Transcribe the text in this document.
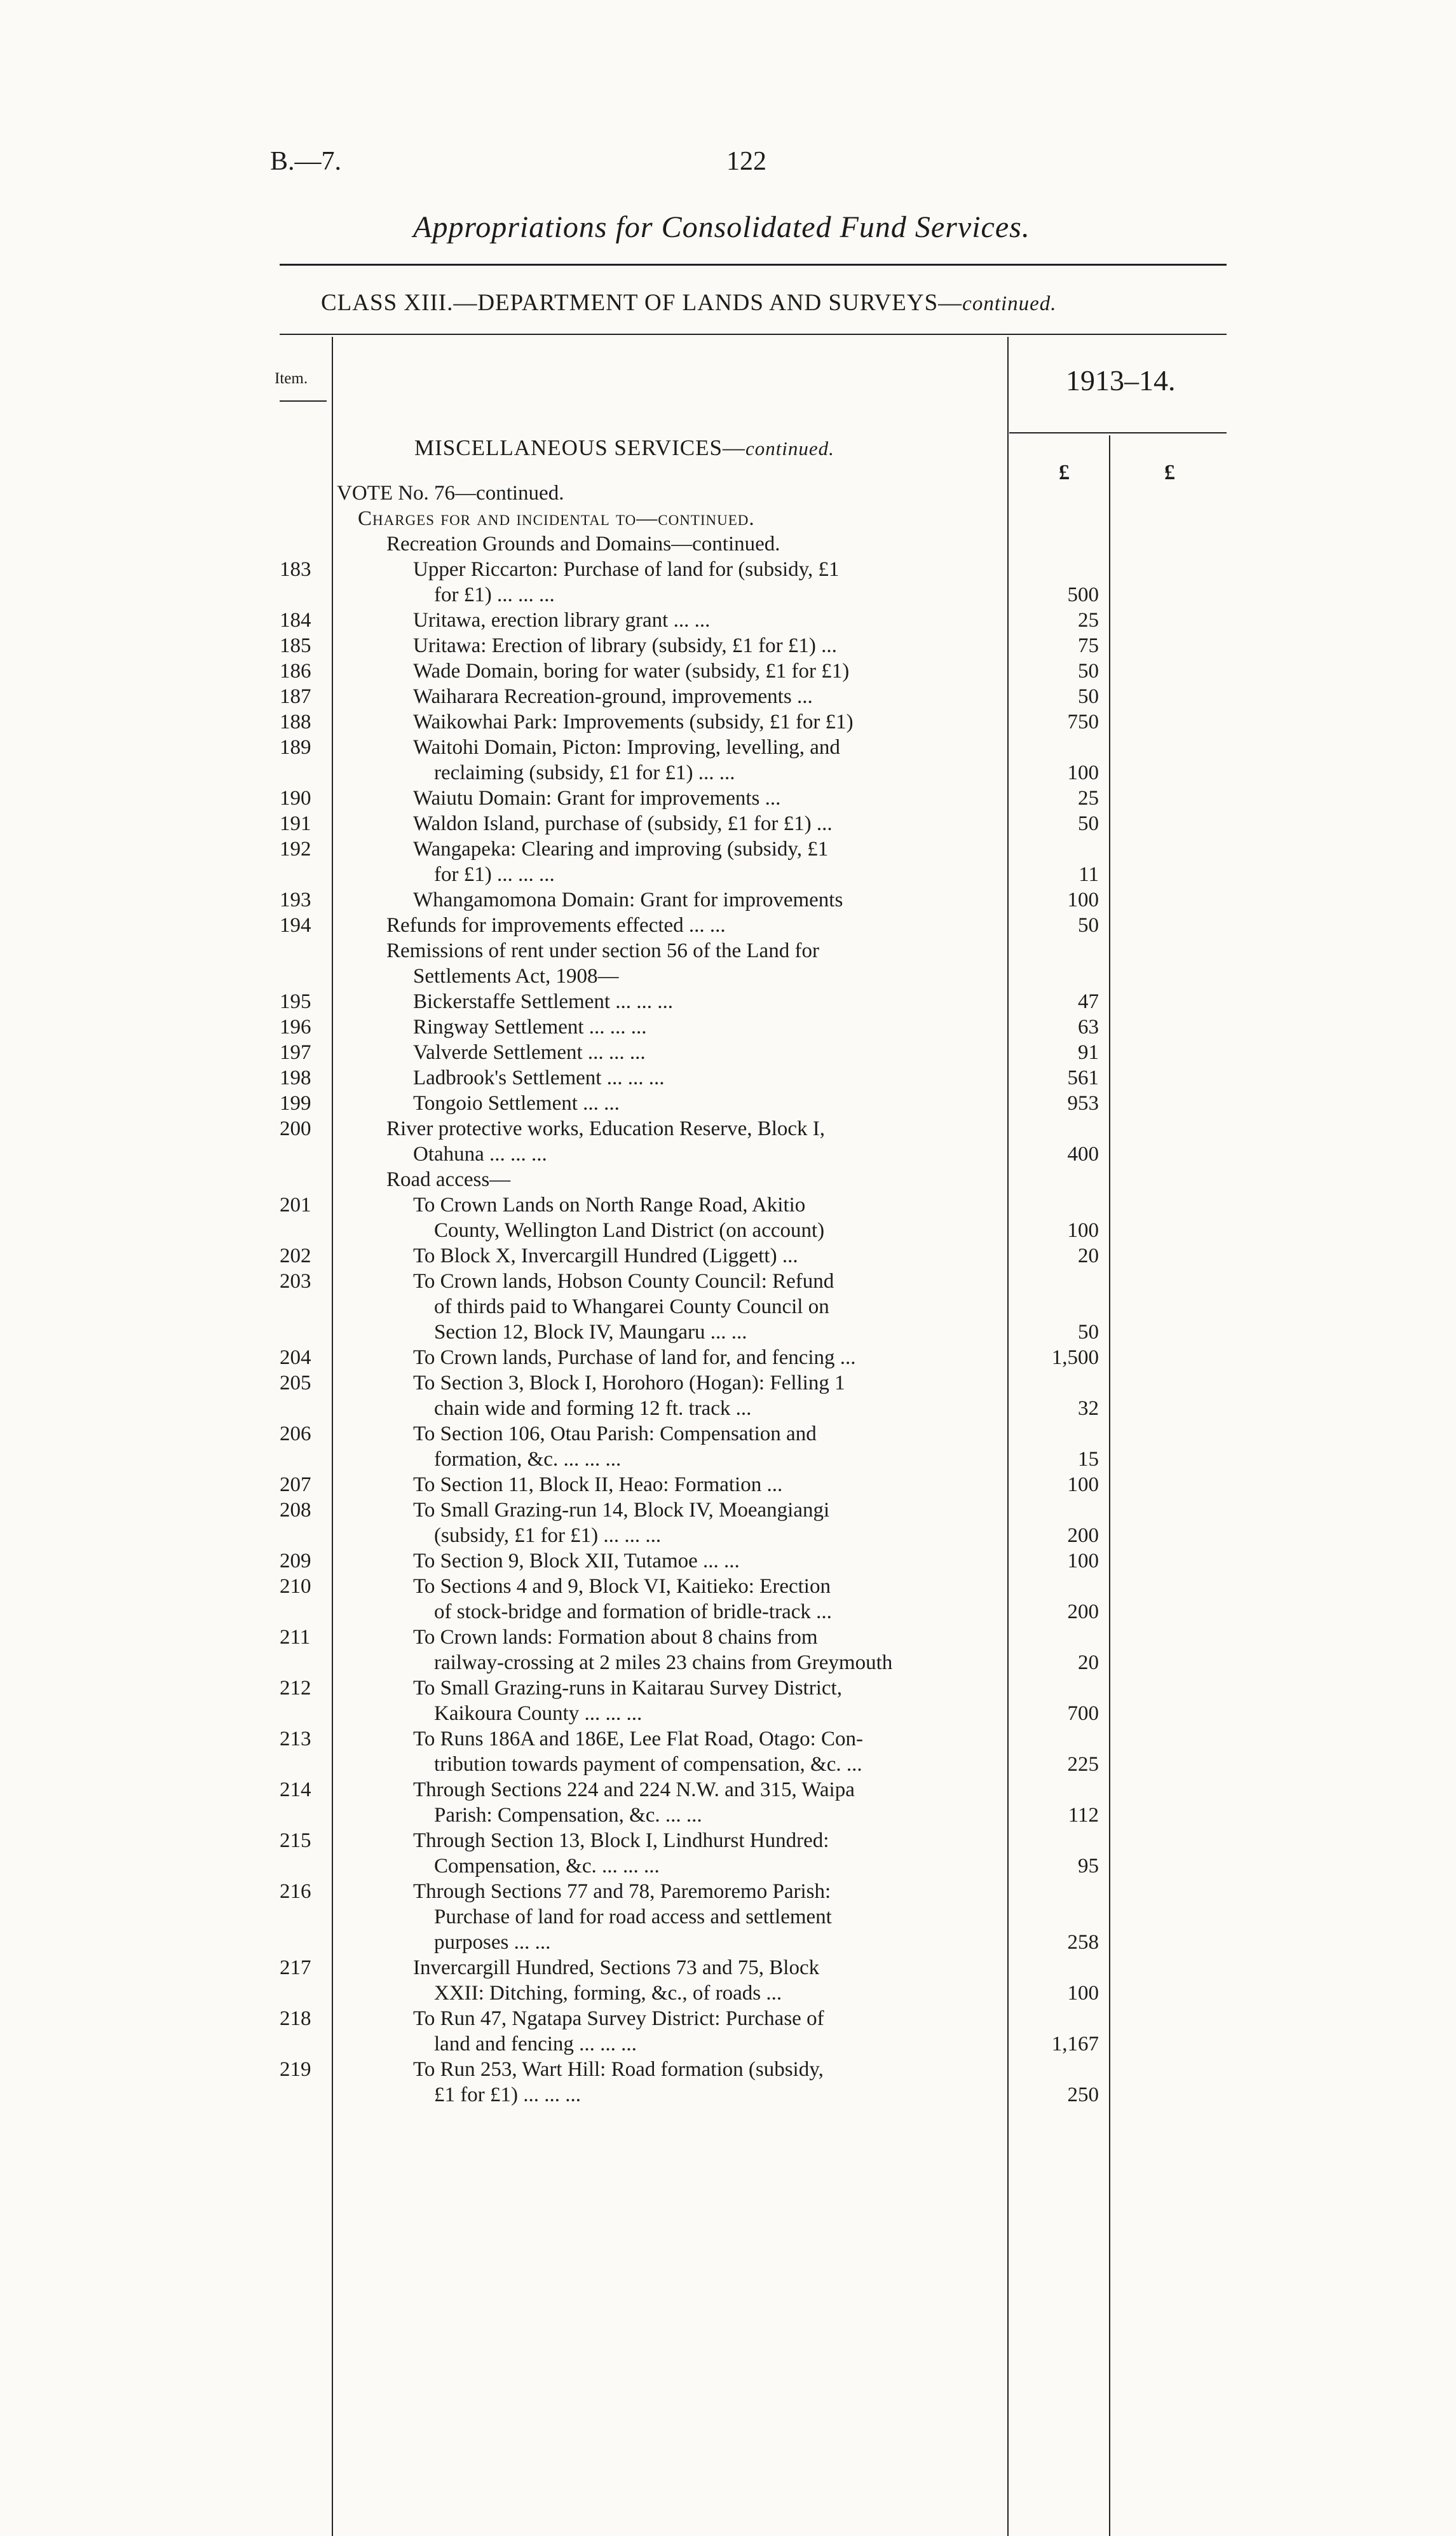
B.—7.	122
Appropriations for Consolidated Fund Services.
CLASS XIII.—DEPARTMENT OF LANDS AND SURVEYS—continued.
Item.	1913–14.
£	£
MISCELLANEOUS SERVICES—continued.
VOTE No. 76—continued.
Charges for and incidental to—continued.
Recreation Grounds and Domains—continued.
183	Upper Riccarton: Purchase of land for (subsidy, £1
for £1) ... ... ...	500
184	Uritawa, erection library grant ... ...	25
185	Uritawa: Erection of library (subsidy, £1 for £1) ...	75
186	Wade Domain, boring for water (subsidy, £1 for £1)	50
187	Waiharara Recreation-ground, improvements ...	50
188	Waikowhai Park: Improvements (subsidy, £1 for £1)	750
189	Waitohi Domain, Picton: Improving, levelling, and
reclaiming (subsidy, £1 for £1) ... ...	100
190	Waiutu Domain: Grant for improvements ...	25
191	Waldon Island, purchase of (subsidy, £1 for £1) ...	50
192	Wangapeka: Clearing and improving (subsidy, £1
for £1) ... ... ...	11
193	Whangamomona Domain: Grant for improvements	100
194	Refunds for improvements effected ... ...	50
Remissions of rent under section 56 of the Land for
Settlements Act, 1908—
195	Bickerstaffe Settlement ... ... ...	47
196	Ringway Settlement ... ... ...	63
197	Valverde Settlement ... ... ...	91
198	Ladbrook's Settlement ... ... ...	561
199	Tongoio Settlement ... ...	953
200	River protective works, Education Reserve, Block I,
Otahuna ... ... ...	400
Road access—
201	To Crown Lands on North Range Road, Akitio
County, Wellington Land District (on account)	100
202	To Block X, Invercargill Hundred (Liggett) ...	20
203	To Crown lands, Hobson County Council: Refund
of thirds paid to Whangarei County Council on
Section 12, Block IV, Maungaru ... ...	50
204	To Crown lands, Purchase of land for, and fencing ...	1,500
205	To Section 3, Block I, Horohoro (Hogan): Felling 1
chain wide and forming 12 ft. track ...	32
206	To Section 106, Otau Parish: Compensation and
formation, &c. ... ... ...	15
207	To Section 11, Block II, Heao: Formation ...	100
208	To Small Grazing-run 14, Block IV, Moeangiangi
(subsidy, £1 for £1) ... ... ...	200
209	To Section 9, Block XII, Tutamoe ... ...	100
210	To Sections 4 and 9, Block VI, Kaitieko: Erection
of stock-bridge and formation of bridle-track ...	200
211	To Crown lands: Formation about 8 chains from
railway-crossing at 2 miles 23 chains from Greymouth	20
212	To Small Grazing-runs in Kaitarau Survey District,
Kaikoura County ... ... ...	700
213	To Runs 186A and 186E, Lee Flat Road, Otago: Con-
tribution towards payment of compensation, &c. ...	225
214	Through Sections 224 and 224 N.W. and 315, Waipa
Parish: Compensation, &c. ... ...	112
215	Through Section 13, Block I, Lindhurst Hundred:
Compensation, &c. ... ... ...	95
216	Through Sections 77 and 78, Paremoremo Parish:
Purchase of land for road access and settlement
purposes ... ...	258
217	Invercargill Hundred, Sections 73 and 75, Block
XXII: Ditching, forming, &c., of roads ...	100
218	To Run 47, Ngatapa Survey District: Purchase of
land and fencing ... ... ...	1,167
219	To Run 253, Wart Hill: Road formation (subsidy,
£1 for £1) ... ... ...	250
